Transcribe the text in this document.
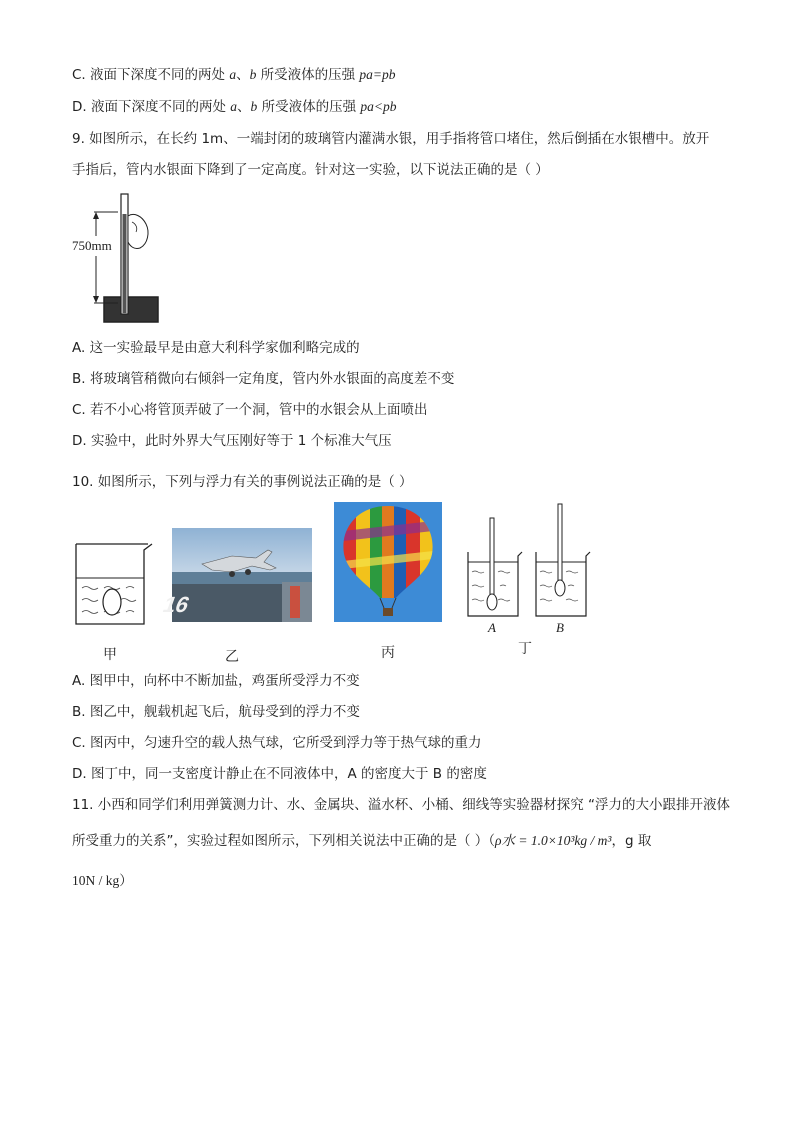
C. 液面下深度不同的两处 a、b 所受液体的压强 pa=pb
D. 液面下深度不同的两处 a、b 所受液体的压强 pa<pb
9. 如图所示，在长约 1m、一端封闭的玻璃管内灌满水银，用手指将管口堵住，然后倒插在水银槽中。放开
手指后，管内水银面下降到了一定高度。针对这一实验，以下说法正确的是（ ）
750mm
A. 这一实验最早是由意大利科学家伽利略完成的
B. 将玻璃管稍微向右倾斜一定角度，管内外水银面的高度差不变
C. 若不小心将管顶弄破了一个洞，管中的水银会从上面喷出
D. 实验中，此时外界大气压刚好等于 1 个标准大气压
10. 如图所示，下列与浮力有关的事例说法正确的是（ ）
甲
16
乙	丙
A	B
丁
A. 图甲中，向杯中不断加盐，鸡蛋所受浮力不变
B. 图乙中，舰载机起飞后，航母受到的浮力不变
C. 图丙中，匀速升空的载人热气球，它所受到浮力等于热气球的重力
D. 图丁中，同一支密度计静止在不同液体中，A 的密度大于 B 的密度
11. 小西和同学们利用弹簧测力计、水、金属块、溢水杯、小桶、细线等实验器材探究 “浮力的大小跟排开液体
所受重力的关系”，实验过程如图所示，下列相关说法中正确的是（ ）（ρ水 = 1.0×10³kg / m³，g 取
10N / kg）
